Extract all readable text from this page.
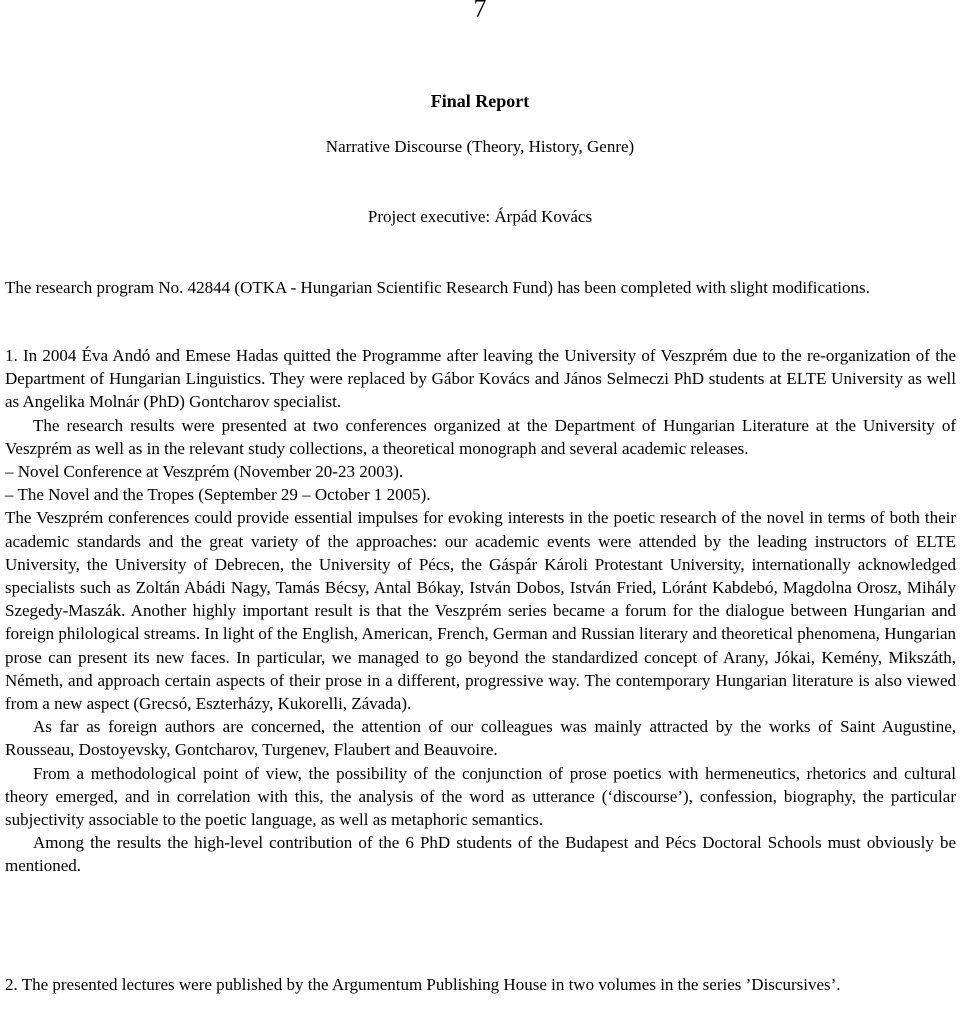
7
Final Report
Narrative Discourse (Theory, History, Genre)
Project executive: Árpád Kovács
The research program No. 42844 (OTKA - Hungarian Scientific Research Fund) has been completed with slight modifications.

1. In 2004 Éva Andó and Emese Hadas quitted the Programme after leaving the University of Veszprém due to the re-organization of the Department of Hungarian Linguistics. They were replaced by Gábor Kovács and János Selmeczi PhD students at ELTE University as well as Angelika Molnár (PhD) Gontcharov specialist.

The research results were presented at two conferences organized at the Department of Hungarian Literature at the University of Veszprém as well as in the relevant study collections, a theoretical monograph and several academic releases.

– Novel Conference at Veszprém (November 20-23 2003).

– The Novel and the Tropes (September 29 – October 1 2005).

The Veszprém conferences could provide essential impulses for evoking interests in the poetic research of the novel in terms of both their academic standards and the great variety of the approaches: our academic events were attended by the leading instructors of ELTE University, the University of Debrecen, the University of Pécs, the Gáspár Károli Protestant University, internationally acknowledged specialists such as Zoltán Abádi Nagy, Tamás Bécsy, Antal Bókay, István Dobos, István Fried, Lóránt Kabdebó, Magdolna Orosz, Mihály Szegedy-Maszák. Another highly important result is that the Veszprém series became a forum for the dialogue between Hungarian and foreign philological streams. In light of the English, American, French, German and Russian literary and theoretical phenomena, Hungarian prose can present its new faces. In particular, we managed to go beyond the standardized concept of Arany, Jókai, Kemény, Mikszáth, Németh, and approach certain aspects of their prose in a different, progressive way. The contemporary Hungarian literature is also viewed from a new aspect (Grecsó, Eszterházy, Kukorelli, Závada).

As far as foreign authors are concerned, the attention of our colleagues was mainly attracted by the works of Saint Augustine, Rousseau, Dostoyevsky, Gontcharov, Turgenev, Flaubert and Beauvoire.

From a methodological point of view, the possibility of the conjunction of prose poetics with hermeneutics, rhetorics and cultural theory emerged, and in correlation with this, the analysis of the word as utterance (‘discourse’), confession, biography, the particular subjectivity associable to the poetic language, as well as metaphoric semantics.

Among the results the high-level contribution of the 6 PhD students of the Budapest and Pécs Doctoral Schools must obviously be mentioned.

2. The presented lectures were published by the Argumentum Publishing House in two volumes in the series ’Discursives’.
